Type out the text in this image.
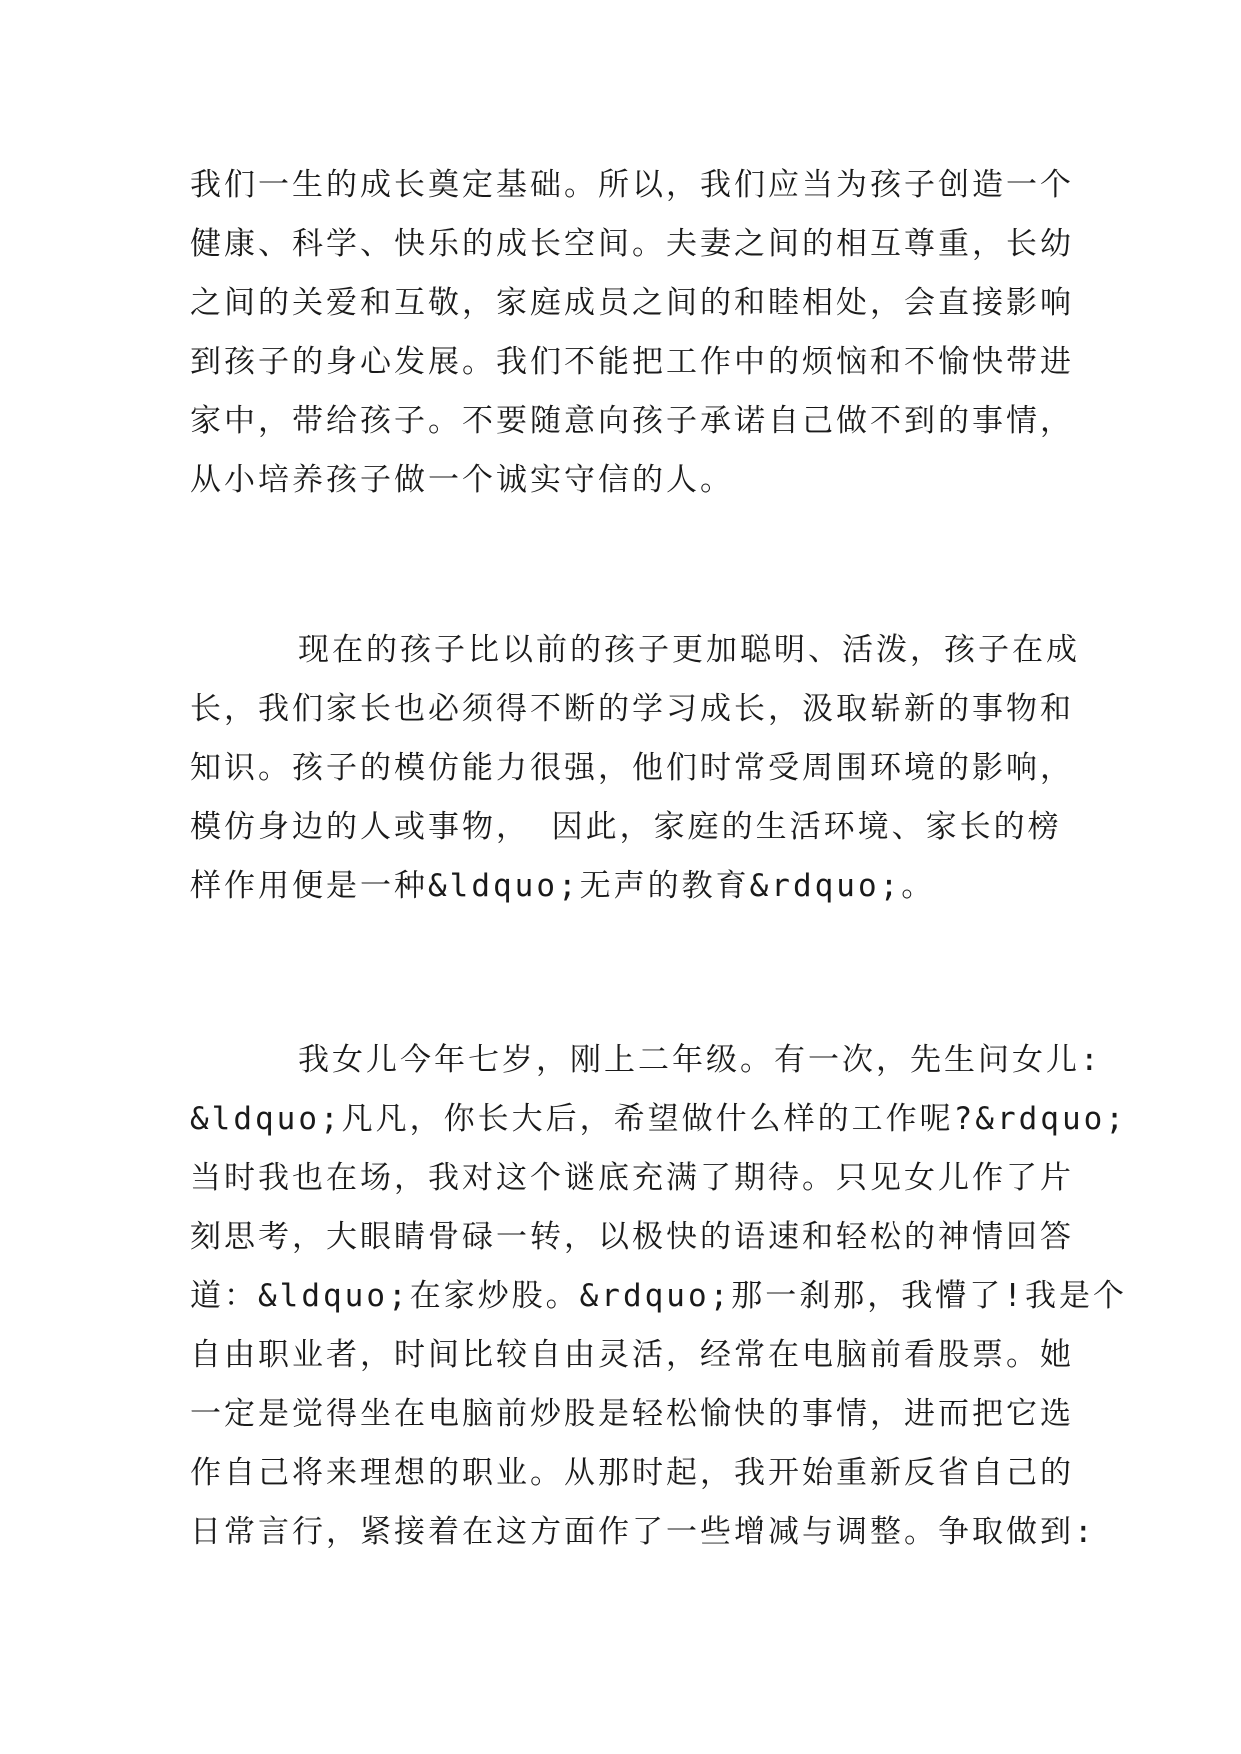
我们一生的成长奠定基础。所以，我们应当为孩子创造一个
健康、科学、快乐的成长空间。夫妻之间的相互尊重，长幼
之间的关爱和互敬，家庭成员之间的和睦相处，会直接影响
到孩子的身心发展。我们不能把工作中的烦恼和不愉快带进
家中，带给孩子。不要随意向孩子承诺自己做不到的事情，
从小培养孩子做一个诚实守信的人。
现在的孩子比以前的孩子更加聪明、活泼，孩子在成
长，我们家长也必须得不断的学习成长，汲取崭新的事物和
知识。孩子的模仿能力很强，他们时常受周围环境的影响，
模仿身边的人或事物， 因此，家庭的生活环境、家长的榜
样作用便是一种&ldquo;无声的教育&rdquo;。
我女儿今年七岁，刚上二年级。有一次，先生问女儿:
&ldquo;凡凡，你长大后，希望做什么样的工作呢?&rdquo;
当时我也在场，我对这个谜底充满了期待。只见女儿作了片
刻思考，大眼睛骨碌一转，以极快的语速和轻松的神情回答
道：&ldquo;在家炒股。&rdquo;那一刹那，我懵了!我是个
自由职业者，时间比较自由灵活，经常在电脑前看股票。她
一定是觉得坐在电脑前炒股是轻松愉快的事情，进而把它选
作自己将来理想的职业。从那时起，我开始重新反省自己的
日常言行，紧接着在这方面作了一些增减与调整。争取做到:
